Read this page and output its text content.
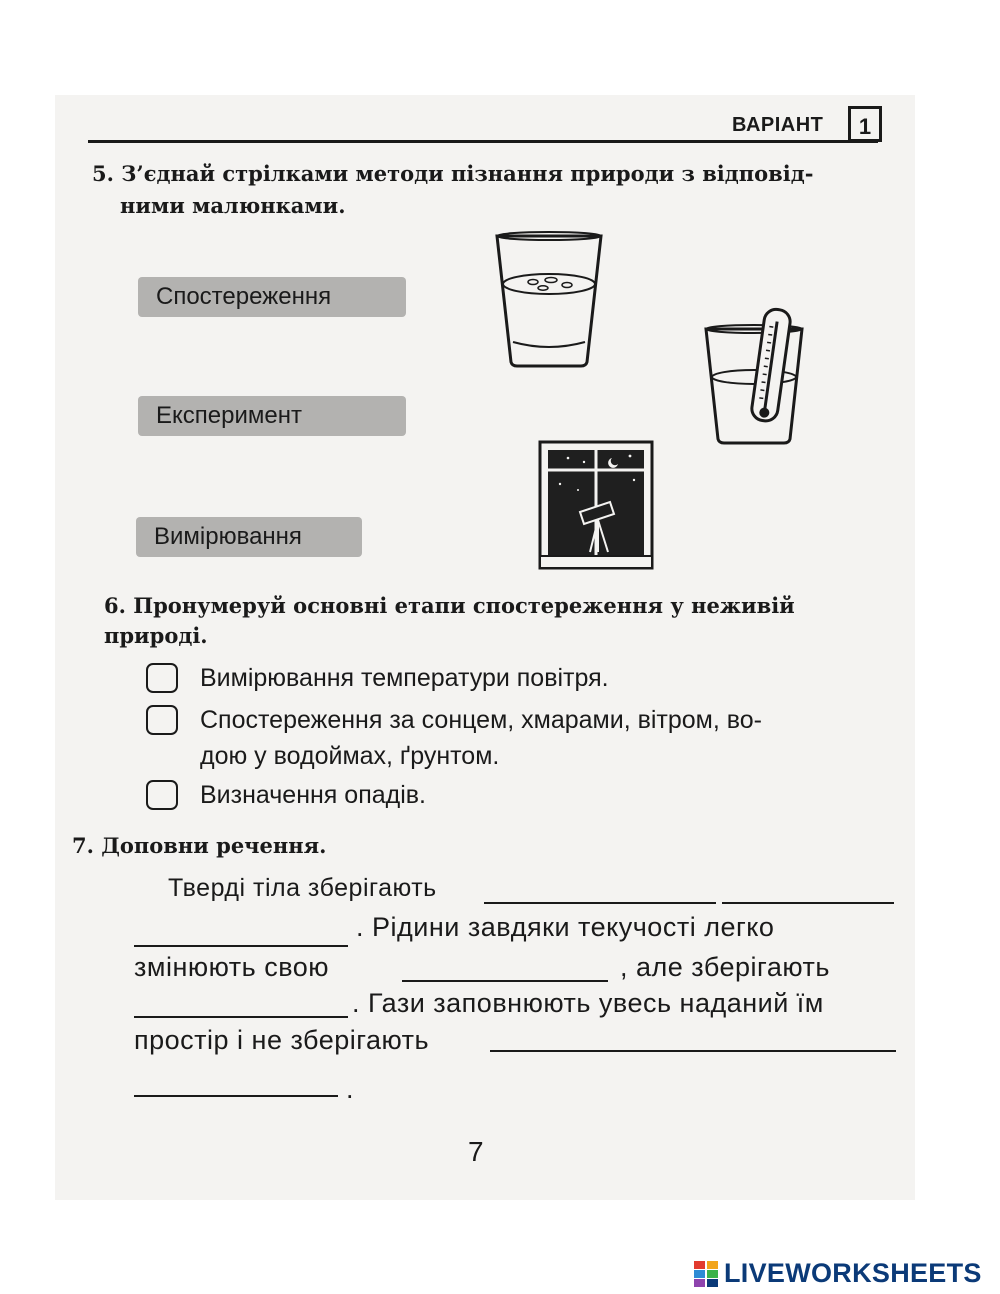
ВАРІАНТ	1
5. З’єднай стрілками методи пізнання природи з відповід-
ними малюнками.
Спостереження
Експеримент
Вимірювання
6. Пронумеруй основні етапи спостереження у неживій
природі.
Вимірювання температури повітря.
Спостереження за сонцем, хмарами, вітром, во-
дою у водоймах, ґрунтом.
Визначення опадів.
7. Доповни речення.
Тверді тіла зберігають
. Рідини завдяки текучості легко
змінюють свою	, але зберігають
. Гази заповнюють увесь наданий їм
простір і не зберігають
.
7
LIVEWORKSHEETS
